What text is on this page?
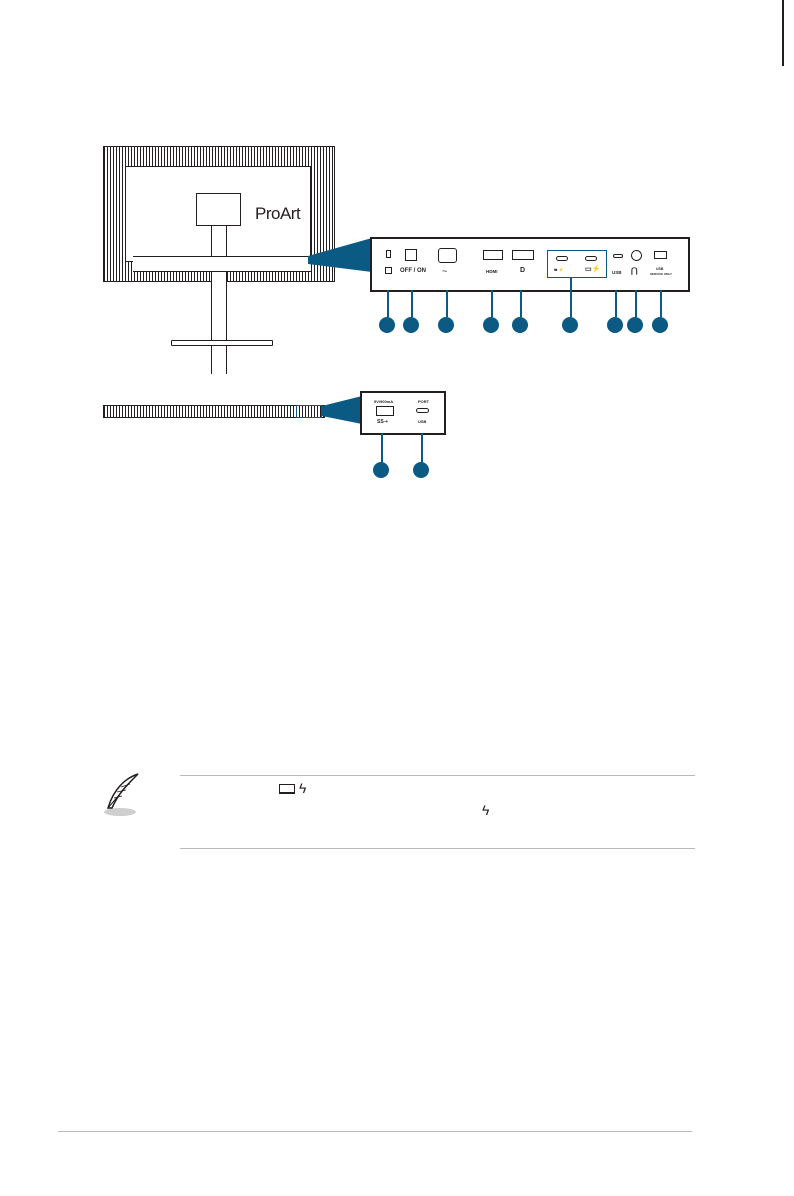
ProArt
OFF / ON ~	HDMI	D	⇆ ⚡	▭⚡	USB ⋂	USB
SERVICE ONLY
5V/900mA
SS⇢
PORT
USB
ϟ
ϟ
